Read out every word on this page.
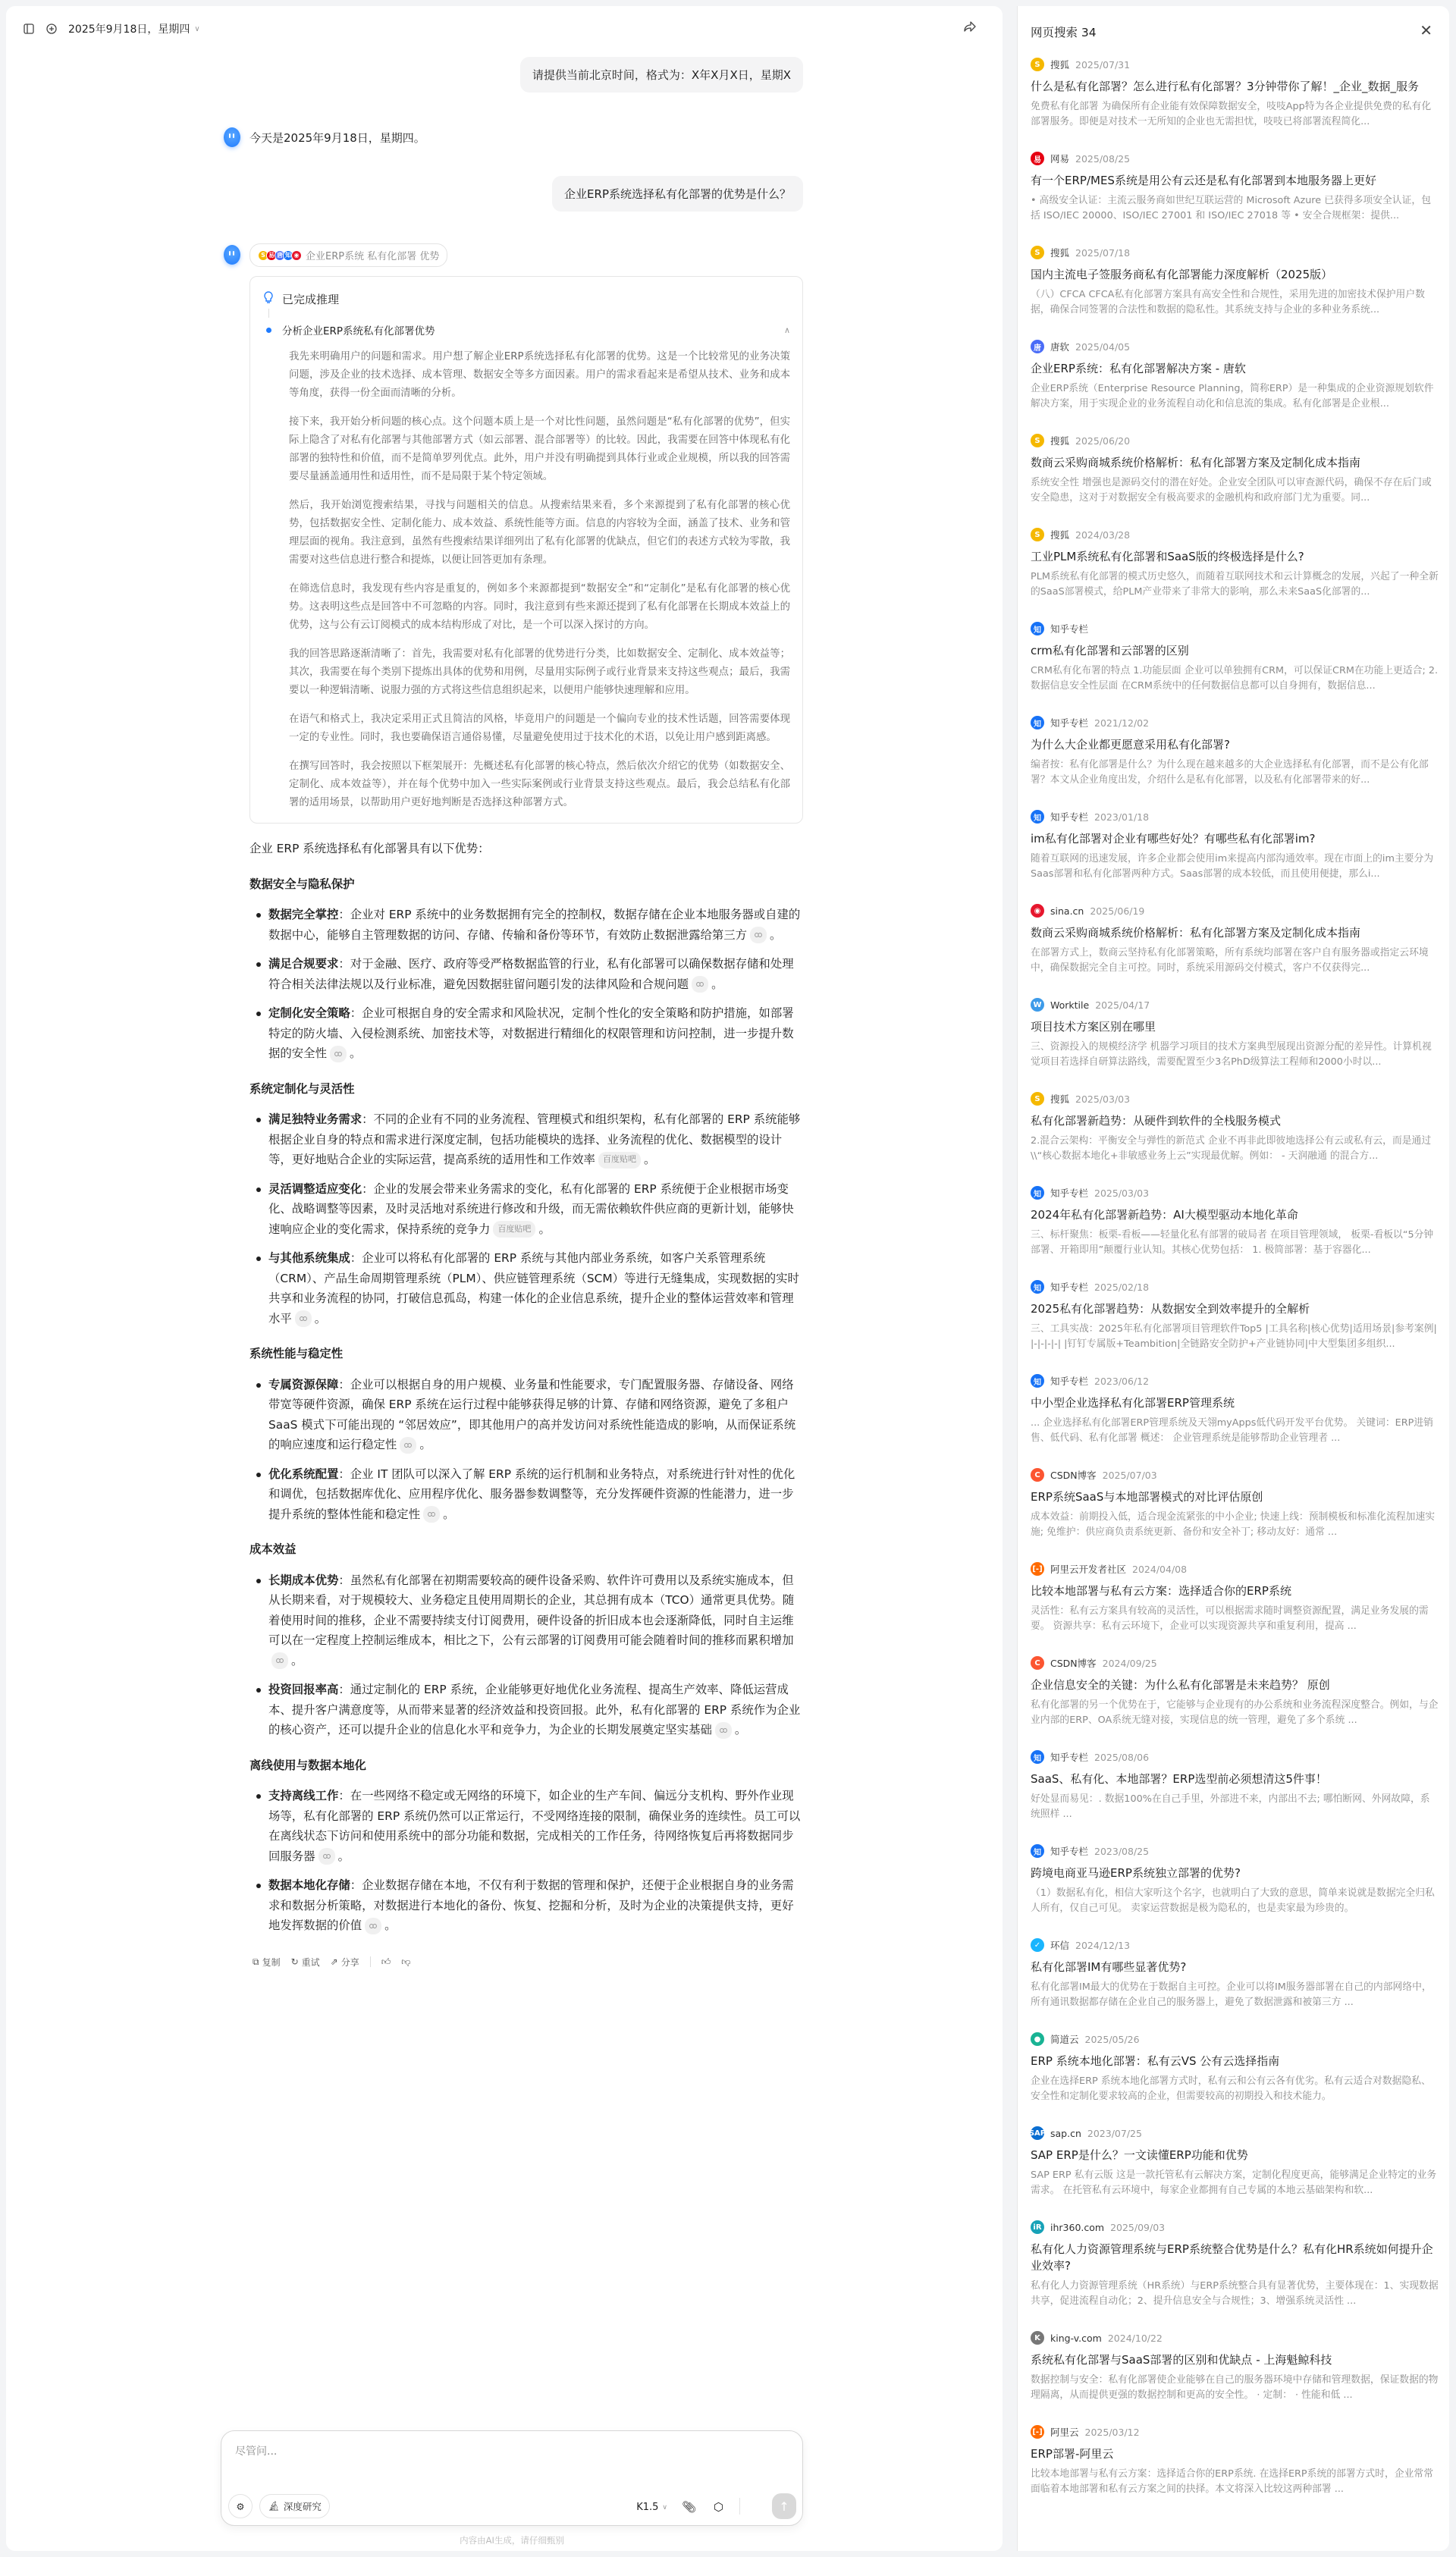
2025年9月18日，星期四 ∨
请提供当前北京时间，格式为：X年X月X日，星期X
今天是2025年9月18日，星期四。
企业ERP系统选择私有化部署的优势是什么？
S 易 唐 知 ◉ 企业ERP系统 私有化部署 优势
已完成推理
分析企业ERP系统私有化部署优势	∧

我先来明确用户的问题和需求。用户想了解企业ERP系统选择私有化部署的优势。这是一个比较常见的业务决策问题，涉及企业的技术选择、成本管理、数据安全等多方面因素。用户的需求看起来是希望从技术、业务和成本等角度，获得一份全面而清晰的分析。

接下来，我开始分析问题的核心点。这个问题本质上是一个对比性问题，虽然问题是“私有化部署的优势”，但实际上隐含了对私有化部署与其他部署方式（如云部署、混合部署等）的比较。因此，我需要在回答中体现私有化部署的独特性和价值，而不是简单罗列优点。此外，用户并没有明确提到具体行业或企业规模，所以我的回答需要尽量涵盖通用性和适用性，而不是局限于某个特定领域。

然后，我开始浏览搜索结果，寻找与问题相关的信息。从搜索结果来看，多个来源提到了私有化部署的核心优势，包括数据安全性、定制化能力、成本效益、系统性能等方面。信息的内容较为全面，涵盖了技术、业务和管理层面的视角。我注意到，虽然有些搜索结果详细列出了私有化部署的优缺点，但它们的表述方式较为零散，我需要对这些信息进行整合和提炼，以便让回答更加有条理。

在筛选信息时，我发现有些内容是重复的，例如多个来源都提到“数据安全”和“定制化”是私有化部署的核心优势。这表明这些点是回答中不可忽略的内容。同时，我注意到有些来源还提到了私有化部署在长期成本效益上的优势，这与公有云订阅模式的成本结构形成了对比，是一个可以深入探讨的方向。

我的回答思路逐渐清晰了：首先，我需要对私有化部署的优势进行分类，比如数据安全、定制化、成本效益等；其次，我需要在每个类别下提炼出具体的优势和用例，尽量用实际例子或行业背景来支持这些观点；最后，我需要以一种逻辑清晰、说服力强的方式将这些信息组织起来，以便用户能够快速理解和应用。

在语气和格式上，我决定采用正式且简洁的风格，毕竟用户的问题是一个偏向专业的技术性话题，回答需要体现一定的专业性。同时，我也要确保语言通俗易懂，尽量避免使用过于技术化的术语，以免让用户感到距离感。

在撰写回答时，我会按照以下框架展开：先概述私有化部署的核心特点，然后依次介绍它的优势（如数据安全、定制化、成本效益等），并在每个优势中加入一些实际案例或行业背景支持这些观点。最后，我会总结私有化部署的适用场景，以帮助用户更好地判断是否选择这种部署方式。

企业 ERP 系统选择私有化部署具有以下优势：

数据安全与隐私保护
数据完全掌控：企业对 ERP 系统中的业务数据拥有完全的控制权，数据存储在企业本地服务器或自建的数据中心，能够自主管理数据的访问、存储、传输和备份等环节，有效防止数据泄露给第三方 。
满足合规要求：对于金融、医疗、政府等受严格数据监管的行业，私有化部署可以确保数据存储和处理符合相关法律法规以及行业标准，避免因数据驻留问题引发的法律风险和合规问题 。
定制化安全策略：企业可根据自身的安全需求和风险状况，定制个性化的安全策略和防护措施，如部署特定的防火墙、入侵检测系统、加密技术等，对数据进行精细化的权限管理和访问控制，进一步提升数据的安全性 。
系统定制化与灵活性
满足独特业务需求：不同的企业有不同的业务流程、管理模式和组织架构，私有化部署的 ERP 系统能够根据企业自身的特点和需求进行深度定制，包括功能模块的选择、业务流程的优化、数据模型的设计等，更好地贴合企业的实际运营，提高系统的适用性和工作效率 百度贴吧 。
灵活调整适应变化：企业的发展会带来业务需求的变化，私有化部署的 ERP 系统便于企业根据市场变化、战略调整等因素，及时灵活地对系统进行修改和升级，而无需依赖软件供应商的更新计划，能够快速响应企业的变化需求，保持系统的竞争力 百度贴吧 。
与其他系统集成：企业可以将私有化部署的 ERP 系统与其他内部业务系统，如客户关系管理系统（CRM）、产品生命周期管理系统（PLM）、供应链管理系统（SCM）等进行无缝集成，实现数据的实时共享和业务流程的协同，打破信息孤岛，构建一体化的企业信息系统，提升企业的整体运营效率和管理水平 。
系统性能与稳定性
专属资源保障：企业可以根据自身的用户规模、业务量和性能要求，专门配置服务器、存储设备、网络带宽等硬件资源，确保 ERP 系统在运行过程中能够获得足够的计算、存储和网络资源，避免了多租户 SaaS 模式下可能出现的 “邻居效应”，即其他用户的高并发访问对系统性能造成的影响，从而保证系统的响应速度和运行稳定性 。
优化系统配置：企业 IT 团队可以深入了解 ERP 系统的运行机制和业务特点，对系统进行针对性的优化和调优，包括数据库优化、应用程序优化、服务器参数调整等，充分发挥硬件资源的性能潜力，进一步提升系统的整体性能和稳定性 。
成本效益
长期成本优势：虽然私有化部署在初期需要较高的硬件设备采购、软件许可费用以及系统实施成本，但从长期来看，对于规模较大、业务稳定且使用周期长的企业，其总拥有成本（TCO）通常更具优势。随着使用时间的推移，企业不需要持续支付订阅费用，硬件设备的折旧成本也会逐渐降低，同时自主运维可以在一定程度上控制运维成本，相比之下，公有云部署的订阅费用可能会随着时间的推移而累积增加
。
投资回报率高：通过定制化的 ERP 系统，企业能够更好地优化业务流程、提高生产效率、降低运营成本、提升客户满意度等，从而带来显著的经济效益和投资回报。此外，私有化部署的 ERP 系统作为企业的核心资产，还可以提升企业的信息化水平和竞争力，为企业的长期发展奠定坚实基础 。
离线使用与数据本地化
支持离线工作：在一些网络不稳定或无网络的环境下，如企业的生产车间、偏远分支机构、野外作业现场等，私有化部署的 ERP 系统仍然可以正常运行，不受网络连接的限制，确保业务的连续性。员工可以在离线状态下访问和使用系统中的部分功能和数据，完成相关的工作任务，待网络恢复后再将数据同步回服务器 。
数据本地化存储：企业数据存储在本地，不仅有利于数据的管理和保护，还便于企业根据自身的业务需求和数据分析策略，对数据进行本地化的备份、恢复、挖掘和分析，及时为企业的决策提供支持，更好地发挥数据的价值 。
⧉ 复制 ↻ 重试 ⇗ 分享 👍︎ 👎︎
尽管问...
⚙ 🔬︎ 深度研究	K1.5 ∨ 📎︎ ⬡	↑
内容由AI生成，请仔细甄别
网页搜索 34	✕
S	搜狐 2025/07/31
什么是私有化部署？怎么进行私有化部署？3分钟带你了解！_企业_数据_服务
免费私有化部署 为确保所有企业能有效保障数据安全，吱吱App特为各企业提供免费的私有化部署服务。即便是对技术一无所知的企业也无需担忧，吱吱已将部署流程简化...
易 网易 2025/08/25
有一个ERP/MES系统是用公有云还是私有化部署到本地服务器上更好
• 高级安全认证：主流云服务商如世纪互联运营的 Microsoft Azure 已获得多项安全认证，包括 ISO/IEC 20000、ISO/IEC 27001 和 ISO/IEC 27018 等 • 安全合规框架：提供...
S	搜狐 2025/07/18
国内主流电子签服务商私有化部署能力深度解析（2025版）
（八）CFCA CFCA私有化部署方案具有高安全性和合规性，采用先进的加密技术保护用户数据，确保合同签署的合法性和数据的隐私性。其系统支持与企业的多种业务系统...
唐 唐软 2025/04/05
企业ERP系统：私有化部署解决方案 - 唐软
企业ERP系统（Enterprise Resource Planning，简称ERP）是一种集成的企业资源规划软件解决方案，用于实现企业的业务流程自动化和信息流的集成。私有化部署是企业根...
S	搜狐 2025/06/20
数商云采购商城系统价格解析：私有化部署方案及定制化成本指南
系统安全性 增强也是源码交付的潜在好处。企业安全团队可以审查源代码，确保不存在后门或安全隐患，这对于对数据安全有极高要求的金融机构和政府部门尤为重要。同...
S	搜狐 2024/03/28
工业PLM系统私有化部署和SaaS版的终极选择是什么?
PLM系统私有化部署的模式历史悠久，而随着互联网技术和云计算概念的发展，兴起了一种全新的SaaS部署模式，给PLM产业带来了非常大的影响，那么未来SaaS化部署的...
知 知乎专栏
crm私有化部署和云部署的区别
CRM私有化布署的特点 1.功能层面 企业可以单独拥有CRM，可以保证CRM在功能上更适合; 2.数据信息安全性层面 在CRM系统中的任何数据信息都可以自身拥有，数据信息...
知 知乎专栏 2021/12/02
为什么大企业都更愿意采用私有化部署?
编者按：私有化部署是什么？为什么现在越来越多的大企业选择私有化部署，而不是公有化部署？本文从企业角度出发，介绍什么是私有化部署，以及私有化部署带来的好...
知 知乎专栏 2023/01/18
im私有化部署对企业有哪些好处？有哪些私有化部署im?
随着互联网的迅速发展，许多企业都会使用im来提高内部沟通效率。现在市面上的im主要分为Saas部署和私有化部署两种方式。Saas部署的成本较低，而且使用便捷，那么i...
◉	sina.cn 2025/06/19
数商云采购商城系统价格解析：私有化部署方案及定制化成本指南
在部署方式上，数商云坚持私有化部署策略，所有系统均部署在客户自有服务器或指定云环境中，确保数据完全自主可控。同时，系统采用源码交付模式，客户不仅获得完...
W Worktile 2025/04/17
项目技术方案区别在哪里
三、资源投入的规模经济学 机器学习项目的技术方案典型展现出资源分配的差异性。计算机视觉项目若选择自研算法路线，需要配置至少3名PhD级算法工程师和2000小时以...
S	搜狐 2025/03/03
私有化部署新趋势：从硬件到软件的全栈服务模式
2.混合云架构：平衡安全与弹性的新范式 企业不再非此即彼地选择公有云或私有云，而是通过\\“核心数据本地化+非敏感业务上云”实现最优解。例如： - 天润融通 的混合方...
知 知乎专栏 2025/03/03
2024年私有化部署新趋势：AI大模型驱动本地化革命
三、标杆聚焦：板栗-看板——轻量化私有部署的破局者 在项目管理领域， 板栗-看板以“5分钟部署、开箱即用”颠覆行业认知。其核心优势包括： 1. 极简部署：基于容器化...
知 知乎专栏 2025/02/18
2025私有化部署趋势：从数据安全到效率提升的全解析
三、工具实战：2025年私有化部署项目管理软件Top5 |工具名称|核心优势|适用场景|参考案例| |-|-|-|-| |钉钉专属版+Teambition|全链路安全防护+产业链协同|中大型集团多组织...
知 知乎专栏 2023/06/12
中小型企业选择私有化部署ERP管理系统
... 企业选择私有化部署ERP管理系统及天翎myApps低代码开发平台优势。 关键词：ERP进销售、低代码、私有化部署 概述： 企业管理系统是能够帮助企业管理者 ...
C	CSDN博客 2025/07/03
ERP系统SaaS与本地部署模式的对比评估原创
成本效益：前期投入低，适合现金流紧张的中小企业; 快速上线：预制模板和标准化流程加速实施; 免维护：供应商负责系统更新、备份和安全补丁; 移动友好：通常 ...
[-] 阿里云开发者社区 2024/04/08
比较本地部署与私有云方案：选择适合你的ERP系统
灵活性：私有云方案具有较高的灵活性，可以根据需求随时调整资源配置，满足业务发展的需要。 资源共享：私有云环境下，企业可以实现资源共享和重复利用，提高 ...
C	CSDN博客 2024/09/25
企业信息安全的关键：为什么私有化部署是未来趋势？ 原创
私有化部署的另一个优势在于，它能够与企业现有的办公系统和业务流程深度整合。例如，与企业内部的ERP、OA系统无缝对接，实现信息的统一管理，避免了多个系统 ...
知 知乎专栏 2025/08/06
SaaS、私有化、本地部署？ERP选型前必须想清这5件事！
好处显而易见：. 数据100%在自己手里，外部进不来，内部出不去; 哪怕断网、外网故障，系统照样 ...
知 知乎专栏 2023/08/25
跨境电商亚马逊ERP系统独立部署的优势?
（1）数据私有化，相信大家听这个名字，也就明白了大致的意思，简单来说就是数据完全归私人所有，仅自己可见。 卖家运营数据是极为隐私的，也是卖家最为珍贵的。
✓	环信 2024/12/13
私有化部署IM有哪些显著优势?
私有化部署IM最大的优势在于数据自主可控。企业可以将IM服务器部署在自己的内部网络中，所有通讯数据都存储在企业自己的服务器上，避免了数据泄露和被第三方 ...
●	简道云 2025/05/26
ERP 系统本地化部署：私有云VS 公有云选择指南
企业在选择ERP 系统本地化部署方式时，私有云和公有云各有优劣。私有云适合对数据隐私、安全性和定制化要求较高的企业，但需要较高的初期投入和技术能力。
SAP sap.cn 2023/07/25
SAP ERP是什么？一文读懂ERP功能和优势
SAP ERP 私有云版 这是一款托管私有云解决方案，定制化程度更高，能够满足企业特定的业务需求。 在托管私有云环境中，每家企业都拥有自己专属的本地云基础架构和软...
iR ihr360.com 2025/09/03
私有化人力资源管理系统与ERP系统整合优势是什么？私有化HR系统如何提升企业效率?
私有化人力资源管理系统（HR系统）与ERP系统整合具有显著优势，主要体现在：1、实现数据共享，促进流程自动化；2、提升信息安全与合规性；3、增强系统灵活性 ...
K	king-v.com 2024/10/22
系统私有化部署与SaaS部署的区别和优缺点 - 上海魁鲸科技
数据控制与安全：私有化部署使企业能够在自己的服务器环境中存储和管理数据，保证数据的物理隔离，从而提供更强的数据控制和更高的安全性。 · 定制： · 性能和低 ...
[-] 阿里云 2025/03/12
ERP部署-阿里云
比较本地部署与私有云方案：选择适合你的ERP系统. 在选择ERP系统的部署方式时，企业常常面临着本地部署和私有云方案之间的抉择。本文将深入比较这两种部署 ...
